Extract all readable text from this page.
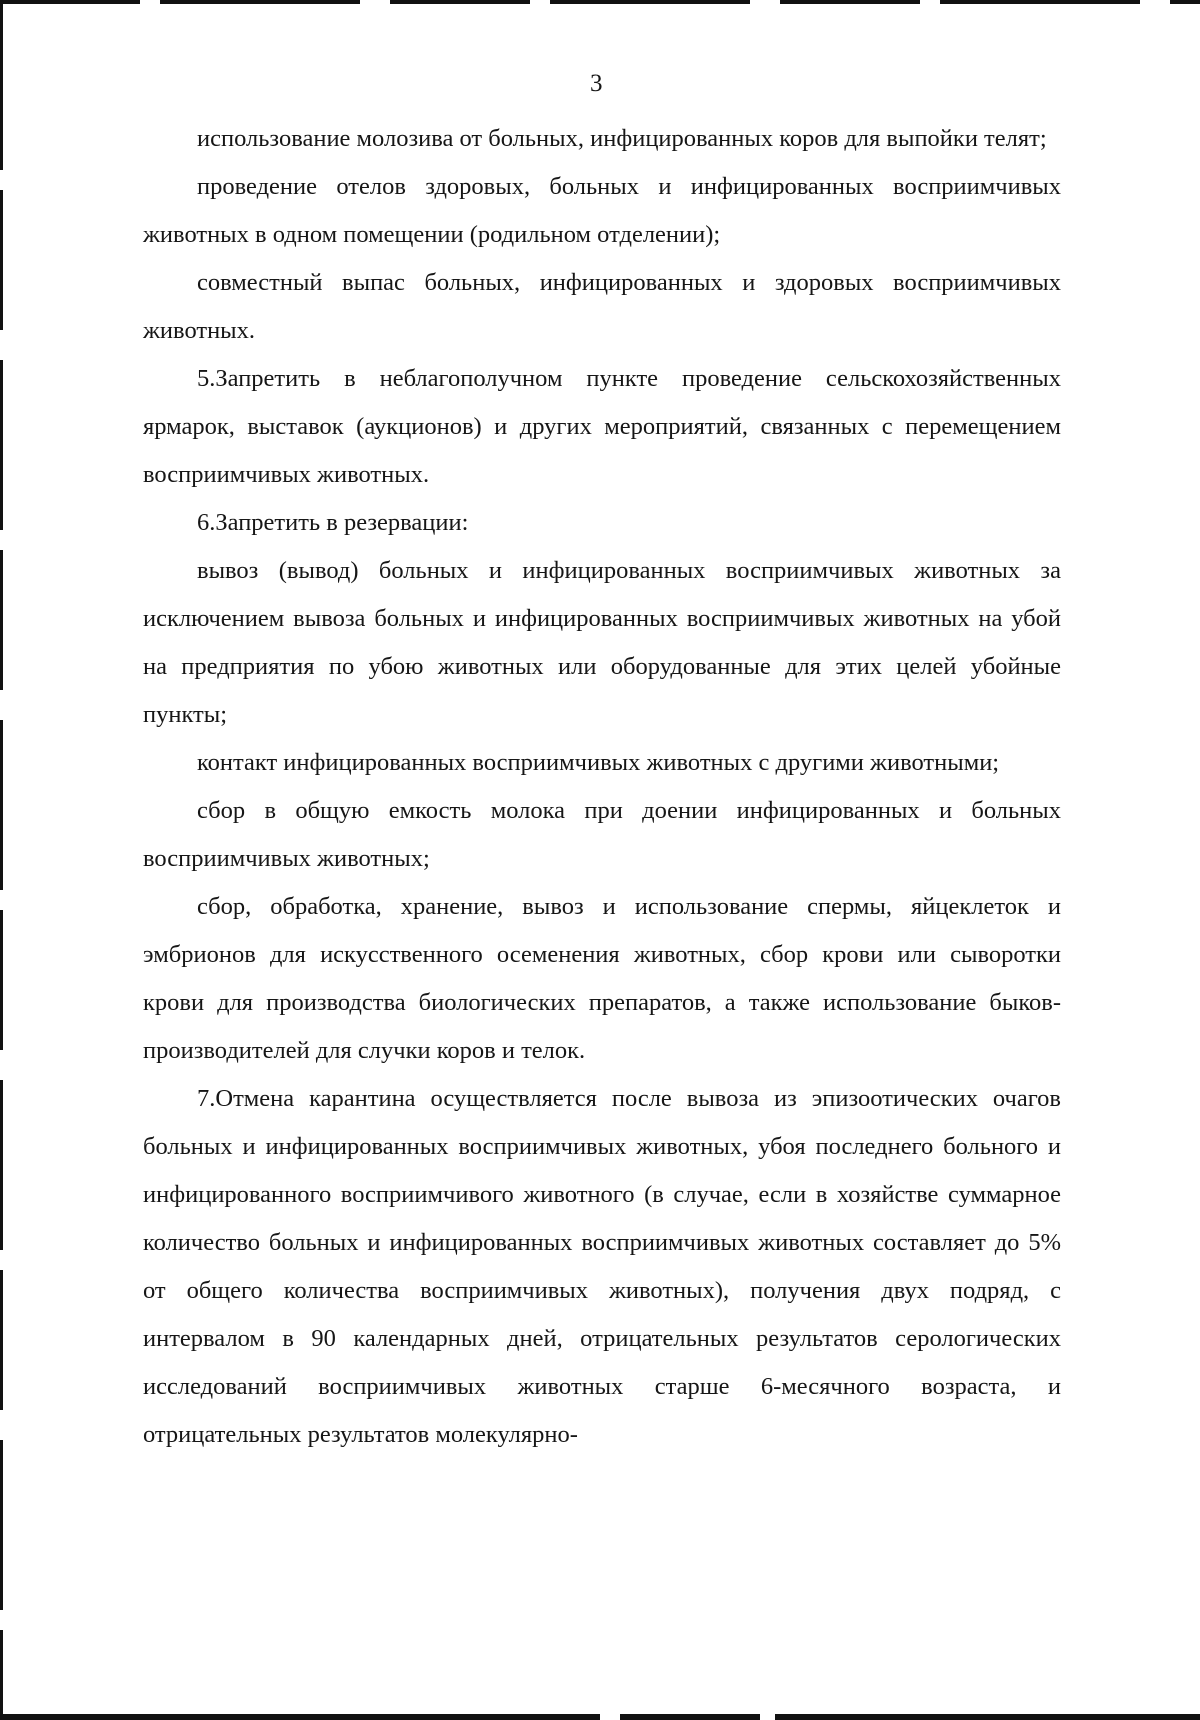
3

использование молозива от больных, инфицированных коров для выпойки телят;

проведение отелов здоровых, больных и инфицированных восприимчивых животных в одном помещении (родильном отделении);

совместный выпас больных, инфицированных и здоровых восприимчивых животных.

5.Запретить в неблагополучном пункте проведение сельскохозяйственных ярмарок, выставок (аукционов) и других мероприятий, связанных с перемещением восприимчивых животных.

6.Запретить в резервации:

вывоз (вывод) больных и инфицированных восприимчивых животных за исключением вывоза больных и инфицированных восприимчивых животных на убой на предприятия по убою животных или оборудованные для этих целей убойные пункты;

контакт инфицированных восприимчивых животных с другими животными;

сбор в общую емкость молока при доении инфицированных и больных восприимчивых животных;

сбор, обработка, хранение, вывоз и использование спермы, яйцеклеток и эмбрионов для искусственного осеменения животных, сбор крови или сыворотки крови для производства биологических препаратов, а также использование быков-производителей для случки коров и телок.

7.Отмена карантина осуществляется после вывоза из эпизоотических очагов больных и инфицированных восприимчивых животных, убоя последнего больного и инфицированного восприимчивого животного (в случае, если в хозяйстве суммарное количество больных и инфицированных восприимчивых животных составляет до 5% от общего количества восприимчивых животных), получения двух подряд, с интервалом в 90 календарных дней, отрицательных результатов серологических исследований восприимчивых животных старше 6-месячного возраста, и отрицательных результатов молекулярно-
